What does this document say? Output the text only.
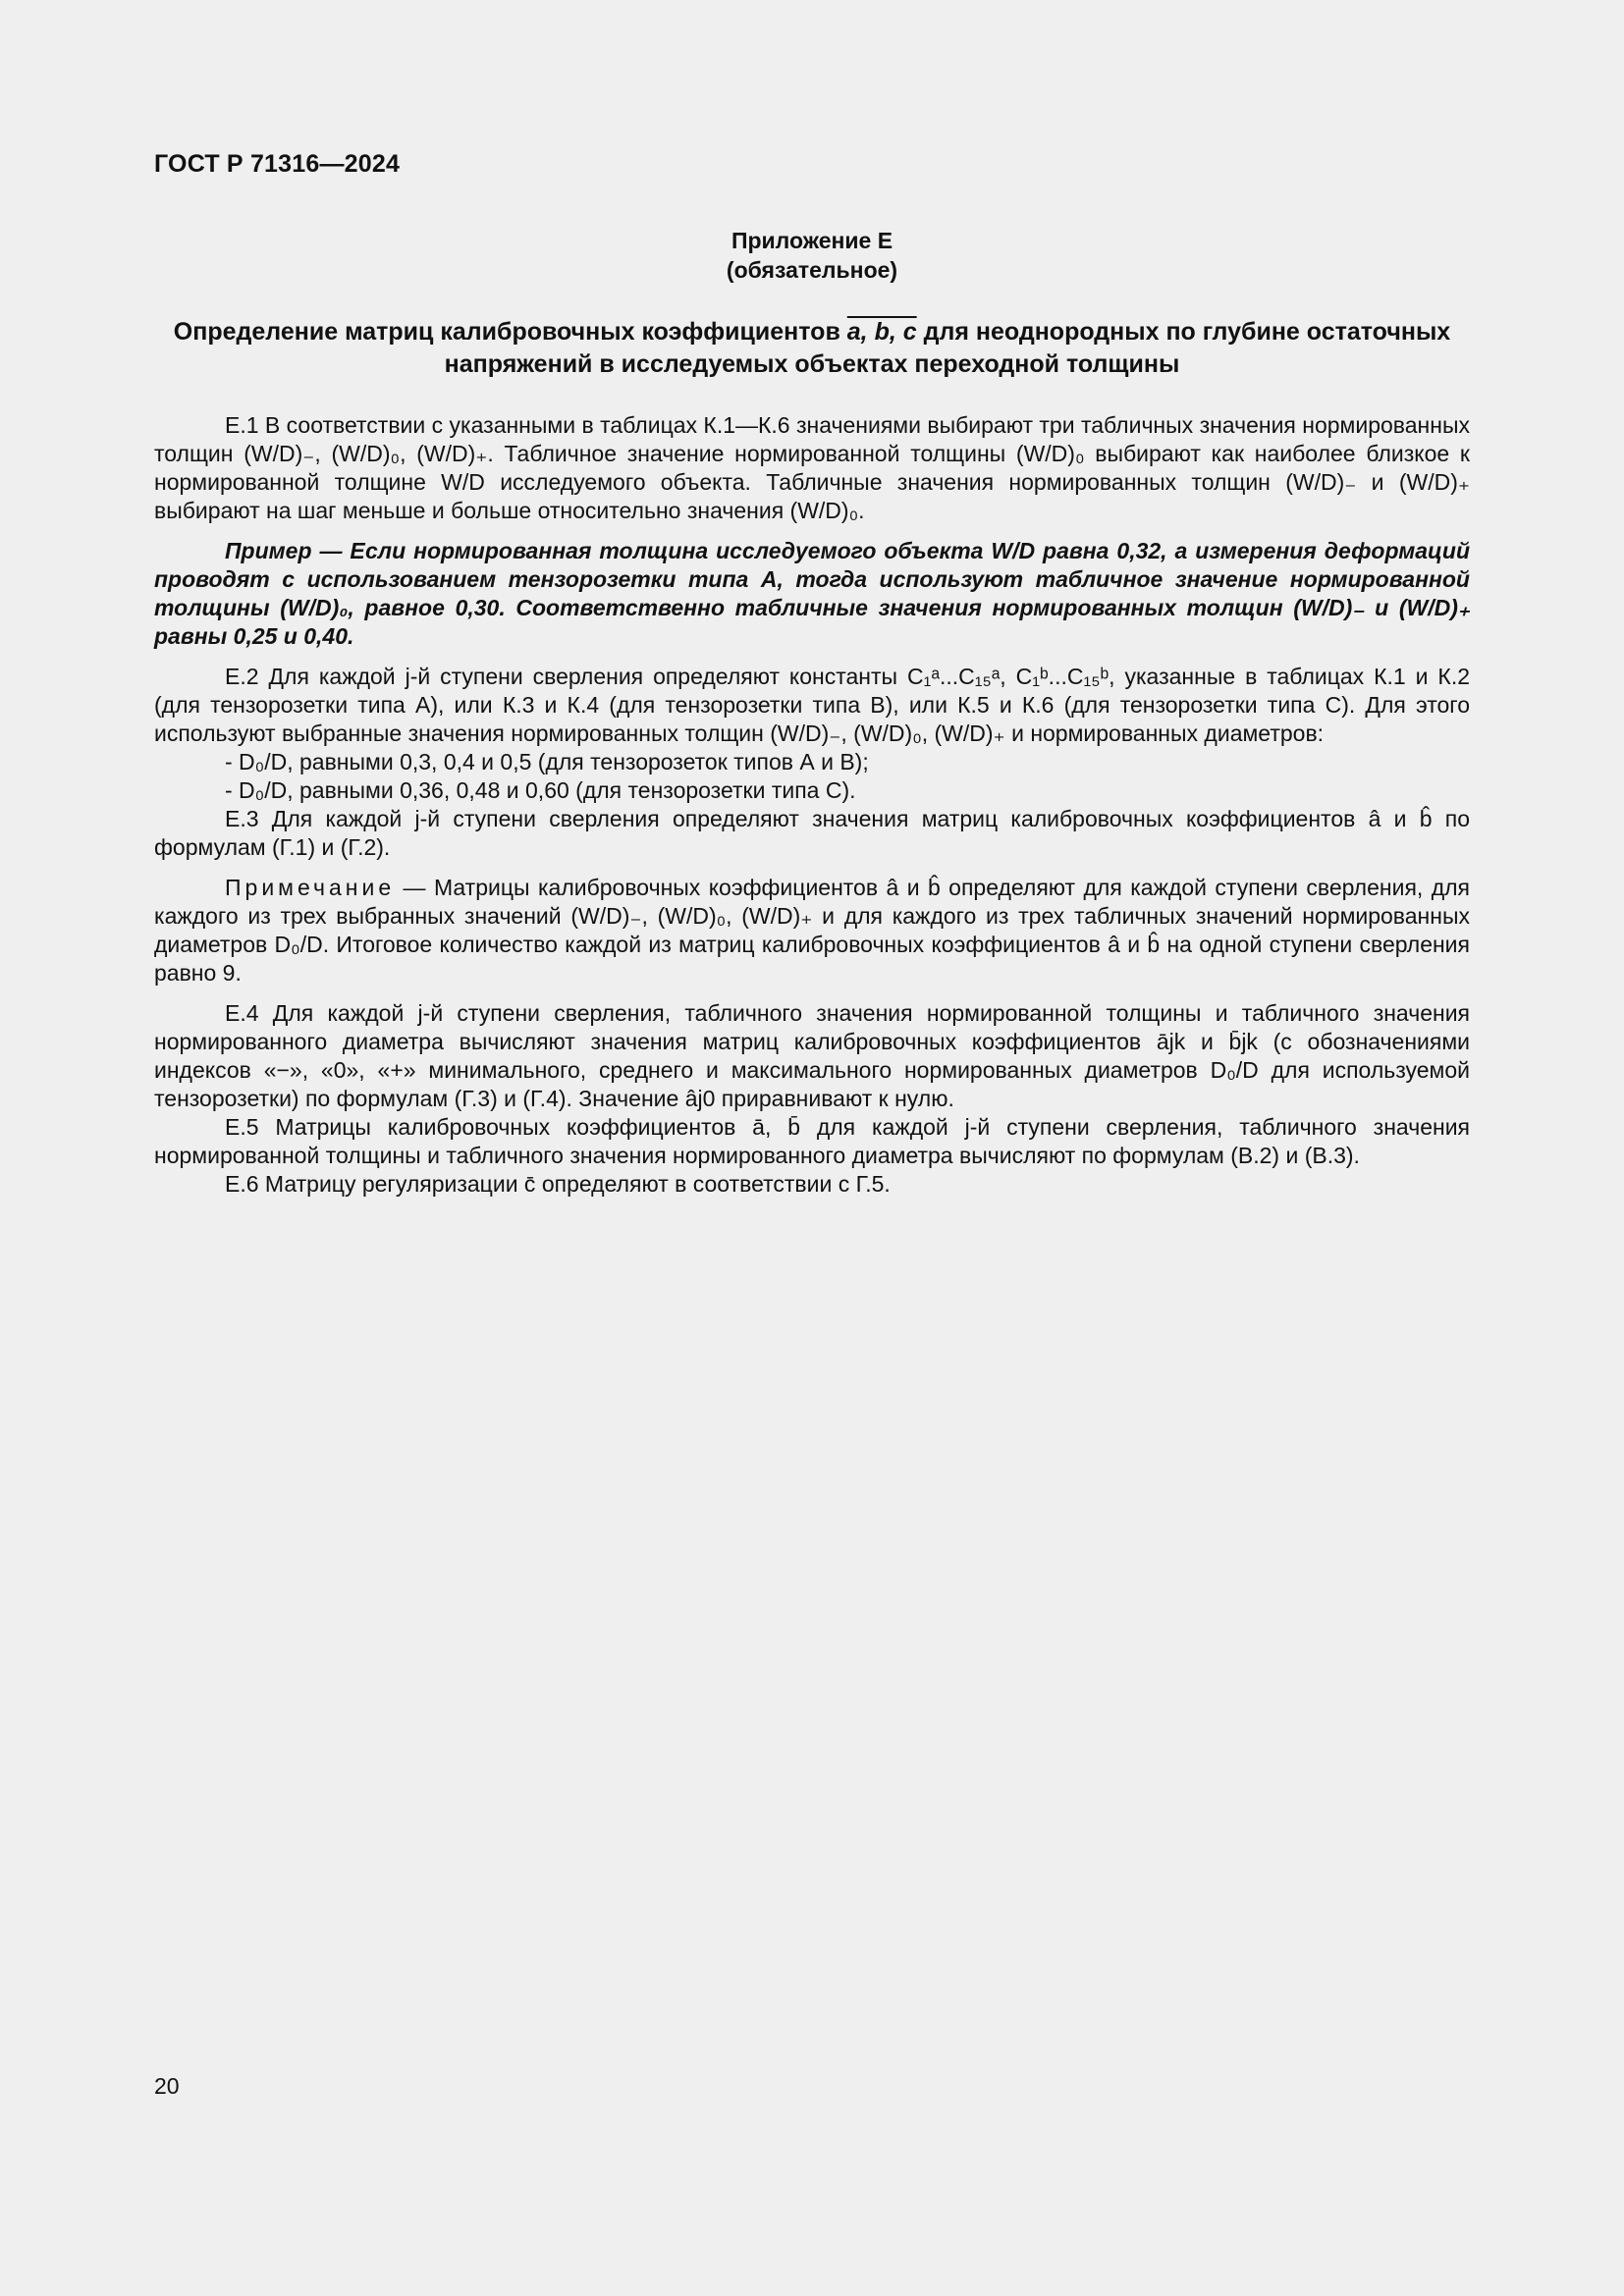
ГОСТ Р 71316—2024
Приложение Е
(обязательное)
Определение матриц калибровочных коэффициентов a, b, c для неоднородных по глубине остаточных напряжений в исследуемых объектах переходной толщины

Е.1 В соответствии с указанными в таблицах К.1—К.6 значениями выбирают три табличных значения нормированных толщин (W/D)₋, (W/D)₀, (W/D)₊. Табличное значение нормированной толщины (W/D)₀ выбирают как наиболее близкое к нормированной толщине W/D исследуемого объекта. Табличные значения нормированных толщин (W/D)₋ и (W/D)₊ выбирают на шаг меньше и больше относительно значения (W/D)₀.

Пример — Если нормированная толщина исследуемого объекта W/D равна 0,32, а измерения деформаций проводят с использованием тензорозетки типа А, тогда используют табличное значение нормированной толщины (W/D)₀, равное 0,30. Соответственно табличные значения нормированных толщин (W/D)₋ и (W/D)₊ равны 0,25 и 0,40.

Е.2 Для каждой j-й ступени сверления определяют константы C₁ᵃ...C₁₅ᵃ, C₁ᵇ...C₁₅ᵇ, указанные в таблицах К.1 и К.2 (для тензорозетки типа А), или К.3 и К.4 (для тензорозетки типа В), или К.5 и К.6 (для тензорозетки типа С). Для этого используют выбранные значения нормированных толщин (W/D)₋, (W/D)₀, (W/D)₊ и нормированных диаметров:

- D₀/D, равными 0,3, 0,4 и 0,5 (для тензорозеток типов А и В);

- D₀/D, равными 0,36, 0,48 и 0,60 (для тензорозетки типа С).

Е.3 Для каждой j-й ступени сверления определяют значения матриц калибровочных коэффициентов â и b̂ по формулам (Г.1) и (Г.2).

Примечание — Матрицы калибровочных коэффициентов â и b̂ определяют для каждой ступени сверления, для каждого из трех выбранных значений (W/D)₋, (W/D)₀, (W/D)₊ и для каждого из трех табличных значений нормированных диаметров D₀/D. Итоговое количество каждой из матриц калибровочных коэффициентов â и b̂ на одной ступени сверления равно 9.

Е.4 Для каждой j-й ступени сверления, табличного значения нормированной толщины и табличного значения нормированного диаметра вычисляют значения матриц калибровочных коэффициентов ājk и b̄jk (с обозначениями индексов «−», «0», «+» минимального, среднего и максимального нормированных диаметров D₀/D для используемой тензорозетки) по формулам (Г.3) и (Г.4). Значение âj0 приравнивают к нулю.

Е.5 Матрицы калибровочных коэффициентов ā, b̄ для каждой j-й ступени сверления, табличного значения нормированной толщины и табличного значения нормированного диаметра вычисляют по формулам (В.2) и (В.3).

Е.6 Матрицу регуляризации c̄ определяют в соответствии с Г.5.

20
